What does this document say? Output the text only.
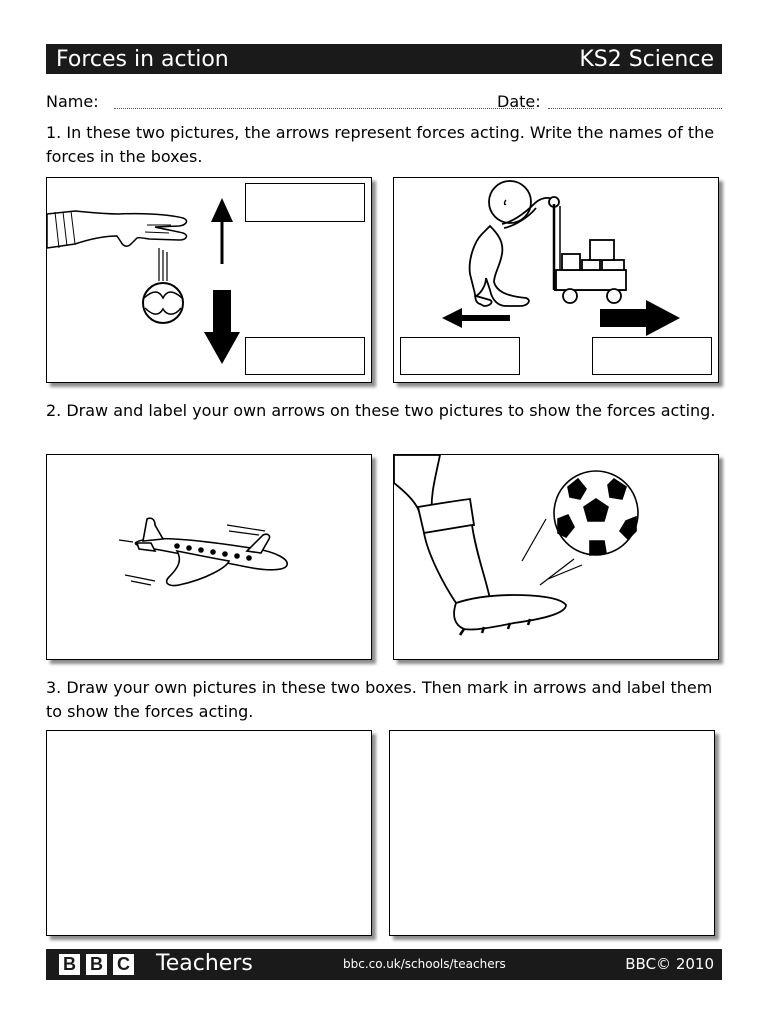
Forces in action	KS2 Science
Name:	Date:
1. In these two pictures, the arrows represent forces acting. Write the names of the forces in the boxes.
2. Draw and label your own arrows on these two pictures to show the forces acting.
3. Draw your own pictures in these two boxes. Then mark in arrows and label them to show the forces acting.
B B C Teachers	bbc.co.uk/schools/teachers	BBC© 2010
